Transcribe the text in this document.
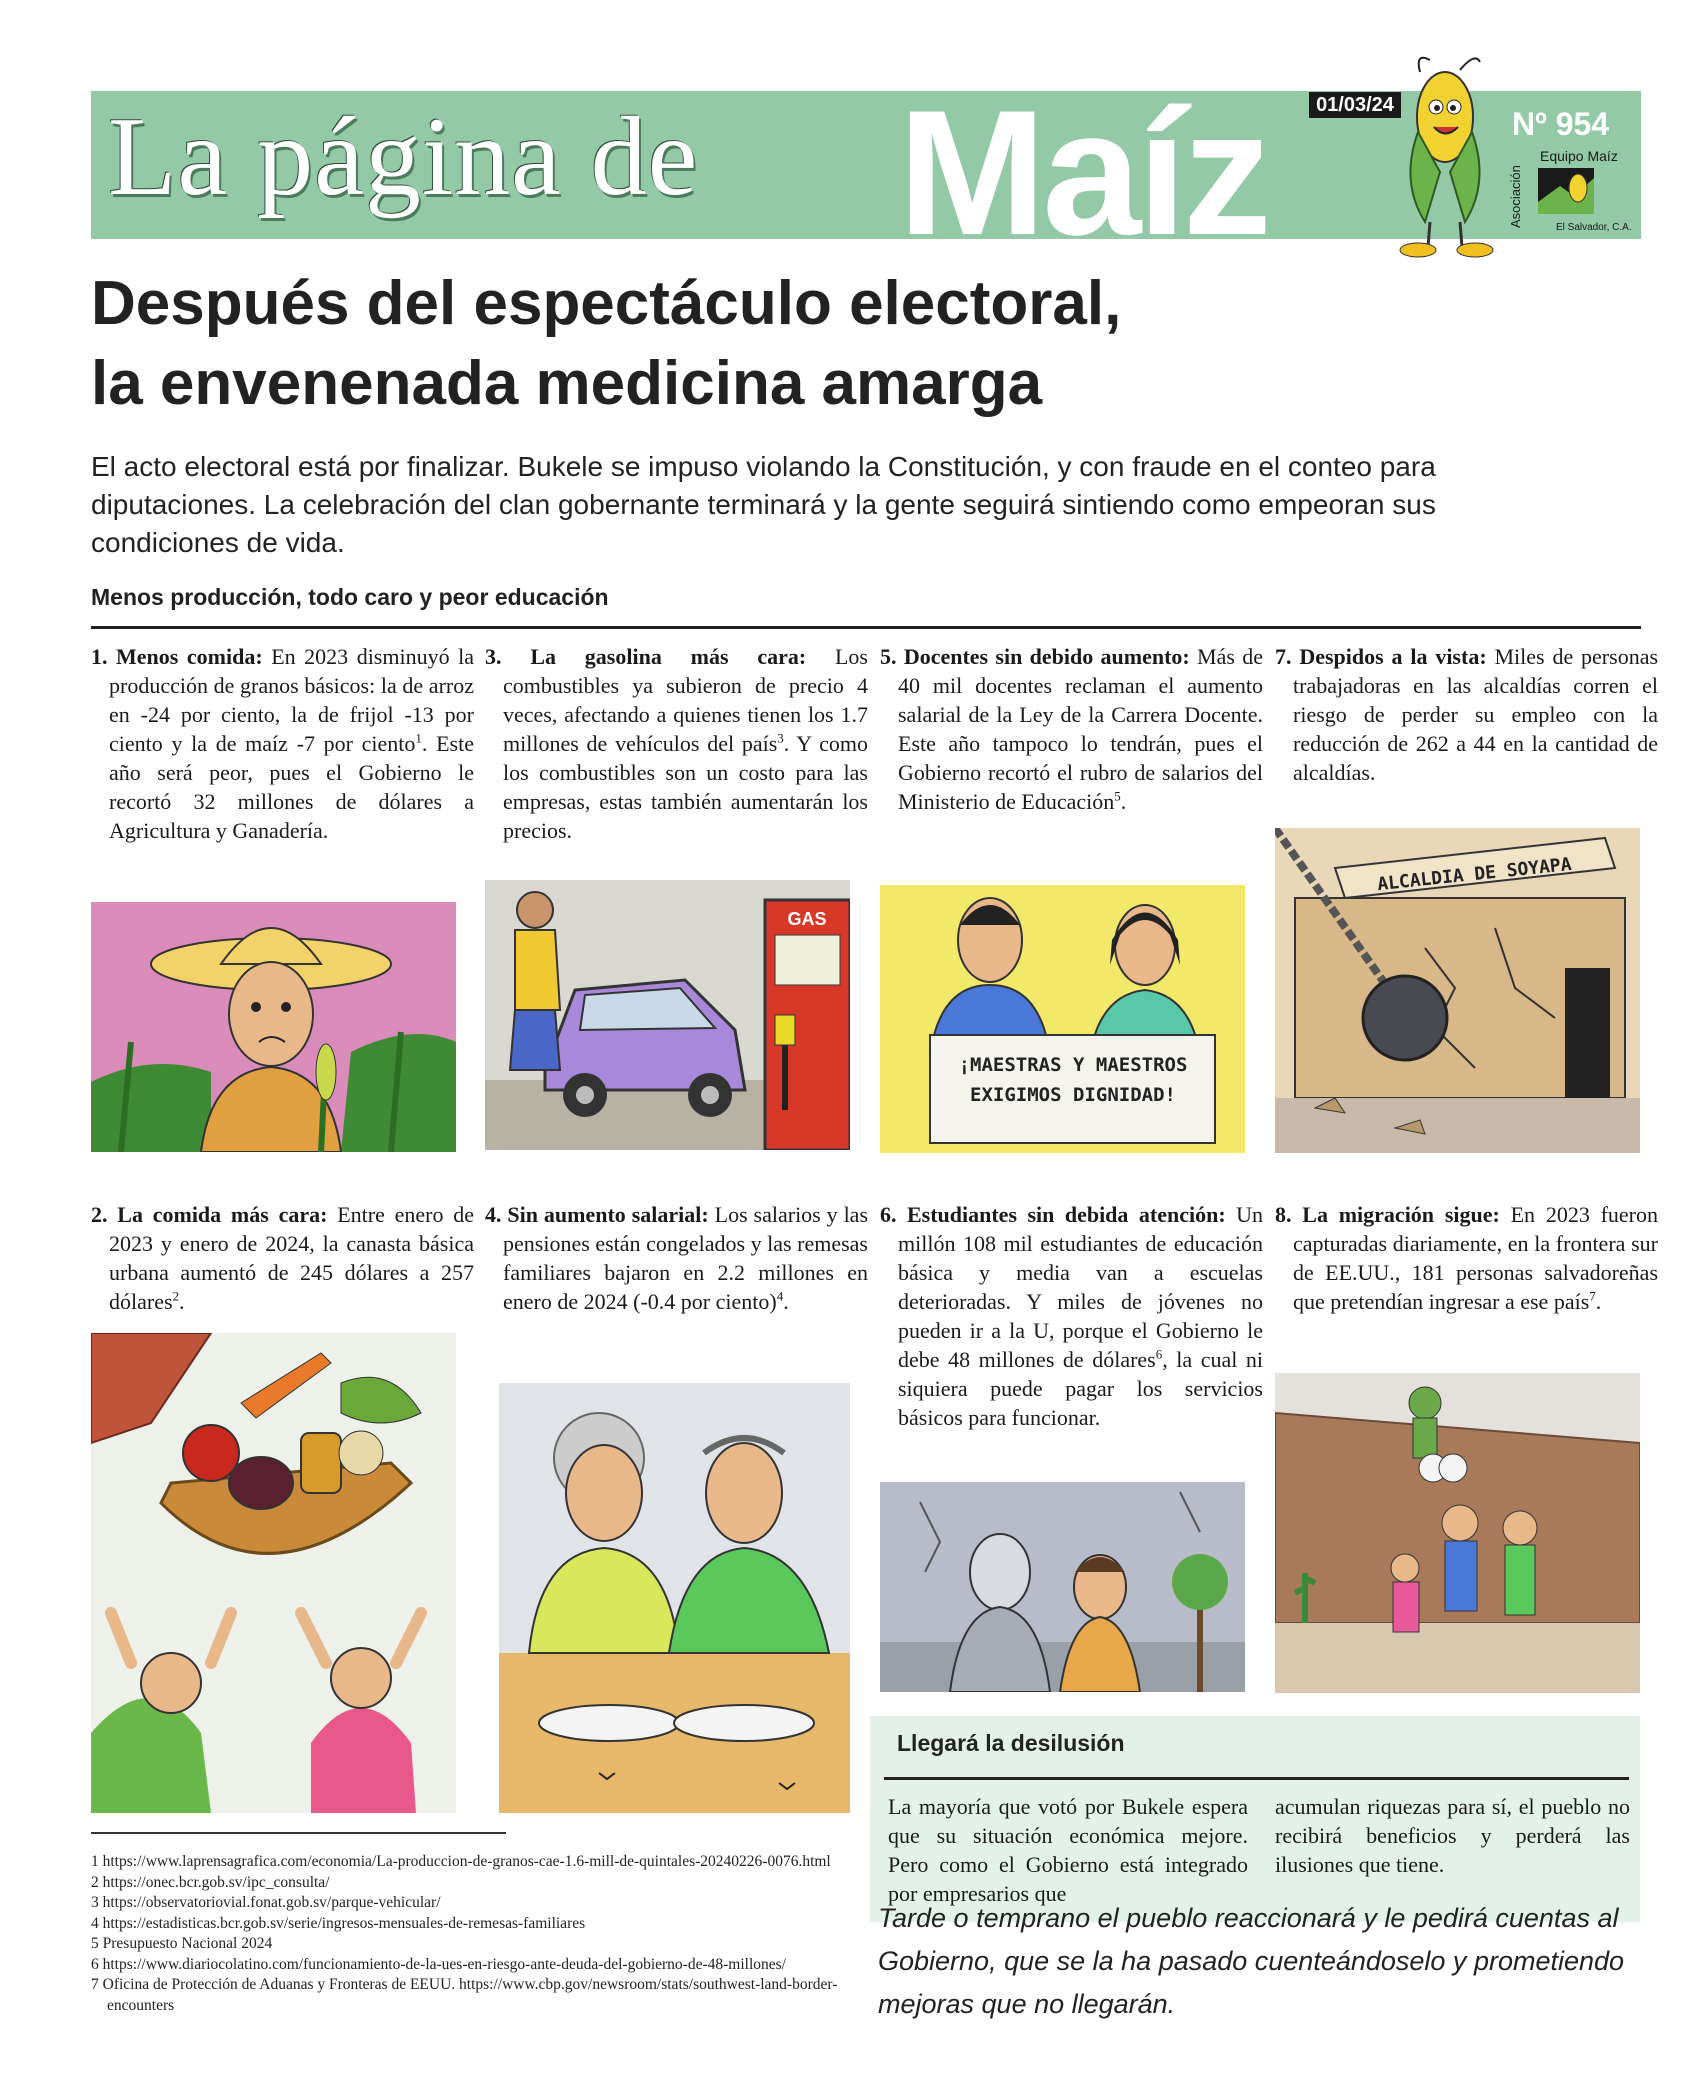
La página de Maíz	01/03/24
Nº 954
Equipo Maíz
Asociación	El Salvador, C.A.
Después del espectáculo electoral,
la envenenada medicina amarga
El acto electoral está por finalizar. Bukele se impuso violando la Constitución, y con fraude en el conteo para diputaciones. La celebración del clan gobernante terminará y la gente seguirá sintiendo como empeoran sus condiciones de vida.
Menos producción, todo caro y peor educación
1. Menos comida: En 2023 disminuyó la producción de granos básicos: la de arroz en -24 por ciento, la de frijol -13 por ciento y la de maíz -7 por ciento$^1$. Este año será peor, pues el Gobierno le recortó 32 millones de dólares a Agricultura y Ganadería.
2. La comida más cara: Entre enero de 2023 y enero de 2024, la canasta básica urbana aumentó de 245 dólares a 257 dólares$^2$.
3. La gasolina más cara: Los combustibles ya subieron de precio 4 veces, afectando a quienes tienen los 1.7 millones de vehículos del país$^3$. Y como los combustibles son un costo para las empresas, estas también aumentarán los precios.
GAS
4. Sin aumento salarial: Los salarios y las pensiones están congelados y las remesas familiares bajaron en 2.2 millones en enero de 2024 (-0.4 por ciento)$^4$.
5. Docentes sin debido aumento: Más de 40 mil docentes reclaman el aumento salarial de la Ley de la Carrera Docente. Este año tampoco lo tendrán, pues el Gobierno recortó el rubro de salarios del Ministerio de Educación$^5$.
¡MAESTRAS Y MAESTROS EXIGIMOS DIGNIDAD!
6. Estudiantes sin debida atención: Un millón 108 mil estudiantes de educación básica y media van a escuelas deterioradas. Y miles de jóvenes no pueden ir a la U, porque el Gobierno le debe 48 millones de dólares$^6$, la cual ni siquiera puede pagar los servicios básicos para funcionar.
7. Despidos a la vista: Miles de personas trabajadoras en las alcaldías corren el riesgo de perder su empleo con la reducción de 262 a 44 en la cantidad de alcaldías.
ALCALDIA DE SOYAPA
8. La migración sigue: En 2023 fueron capturadas diariamente, en la frontera sur de EE.UU., 181 personas salvadoreñas que pretendían ingresar a ese país$^7$.
1 https://www.laprensagrafica.com/economia/La-produccion-de-granos-cae-1.6-mill-de-quintales-20240226-0076.html
2 https://onec.bcr.gob.sv/ipc_consulta/
3 https://observatoriovial.fonat.gob.sv/parque-vehicular/
4 https://estadisticas.bcr.gob.sv/serie/ingresos-mensuales-de-remesas-familiares
5 Presupuesto Nacional 2024
6 https://www.diariocolatino.com/funcionamiento-de-la-ues-en-riesgo-ante-deuda-del-gobierno-de-48-millones/
7 Oficina de Protección de Aduanas y Fronteras de EEUU. https://www.cbp.gov/newsroom/stats/southwest-land-border-encounters
Llegará la desilusión
La mayoría que votó por Bukele espera que su situación económica mejore. Pero como el Gobierno está integrado por empresarios que
acumulan riquezas para sí, el pueblo no recibirá beneficios y perderá las ilusiones que tiene.
Tarde o temprano el pueblo reaccionará y le pedirá cuentas al Gobierno, que se la ha pasado cuenteándoselo y prometiendo mejoras que no llegarán.
